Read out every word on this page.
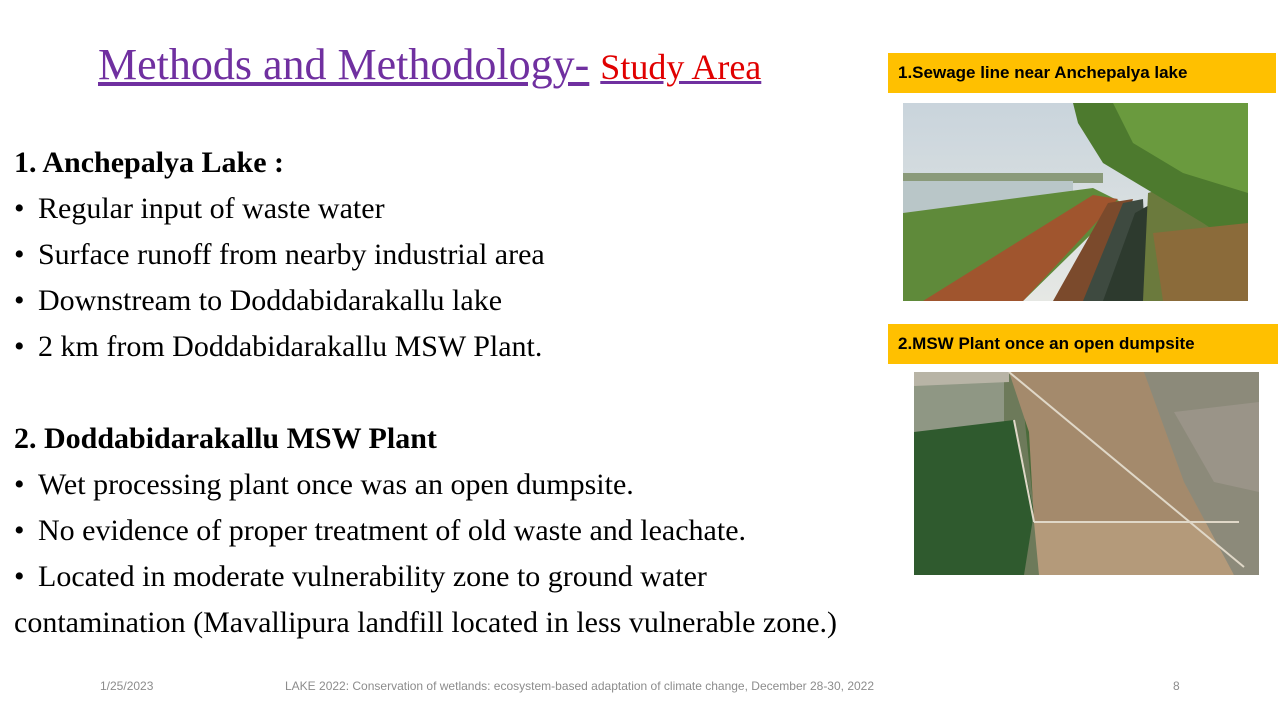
Methods and Methodology- Study Area
1. Anchepalya Lake :
• Regular input of waste water
• Surface runoff from nearby industrial area
• Downstream to Doddabidarakallu lake
• 2 km from Doddabidarakallu MSW Plant.
2. Doddabidarakallu MSW Plant
• Wet processing plant once was an open dumpsite.
• No evidence of proper treatment of old waste and leachate.
• Located in moderate vulnerability zone to ground water
contamination (Mavallipura landfill located in less vulnerable zone.)
1.Sewage line near Anchepalya lake
2.MSW Plant once an open dumpsite
1/25/2023	LAKE 2022: Conservation of wetlands: ecosystem-based adaptation of climate change, December 28-30, 2022	8
